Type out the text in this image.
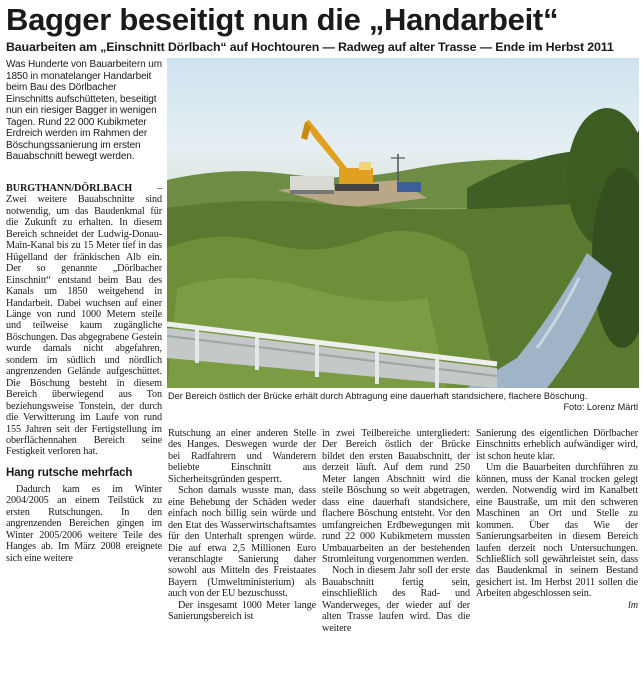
Bagger beseitigt nun die „Handarbeit“
Bauarbeiten am „Einschnitt Dörlbach“ auf Hochtouren — Radweg auf alter Trasse — Ende im Herbst 2011
Was Hunderte von Bauarbeitern um 1850 in monatelanger Handarbeit beim Bau des Dörlbacher Einschnitts aufschütteten, beseitigt nun ein riesiger Bagger in wenigen Tagen. Rund 22 000 Kubikmeter Erdreich werden im Rahmen der Böschungssanierung im ersten Bauabschnitt bewegt werden.
Der Bereich östlich der Brücke erhält durch Abtragung eine dauerhaft standsichere, flachere Böschung.
Foto: Lorenz Märtl

BURGTHANN/DÖRLBACH – Zwei weitere Bauabschnitte sind notwendig, um das Baudenkmal für die Zukunft zu erhalten. In diesem Bereich schneidet der Ludwig-Donau-Main-Kanal bis zu 15 Meter tief in das Hügelland der fränkischen Alb ein. Der so genannte „Dörlbacher Einschnitt“ entstand beim Bau des Kanals um 1850 weitgehend in Handarbeit. Dabei wuchsen auf einer Länge von rund 1000 Metern steile und teilweise kaum zugängliche Böschungen. Das abgegrabene Gestein wurde damals nicht abgefahren, sondern im südlich und nördlich angrenzenden Gelände aufgeschüttet. Die Böschung besteht in diesem Bereich überwiegend aus Ton beziehungsweise Tonstein, der durch die Verwitterung im Laufe von rund 155 Jahren seit der Fertigstellung im oberflächennahen Bereich seine Festigkeit verloren hat.

Hang rutsche mehrfach

Dadurch kam es im Winter 2004/2005 an einem Teilstück zu ersten Rutschungen. In den angrenzenden Bereichen gingen im Winter 2005/2006 weitere Teile des Hanges ab. Im März 2008 ereignete sich eine weitere

Rutschung an einer anderen Stelle des Hanges. Deswegen wurde der bei Radfahrern und Wanderern beliebte Einschnitt aus Sicherheitsgründen gesperrt.

Schon damals wusste man, dass eine Behebung der Schäden weder einfach noch billig sein würde und den Etat des Wasserwirtschaftsamtes für den Unterhalt sprengen würde. Die auf etwa 2,5 Millionen Euro veranschlagte Sanierung daher sowohl aus Mitteln des Freistaates Bayern (Umweltministerium) als auch von der EU bezuschusst.

Der insgesamt 1000 Meter lange Sanierungsbereich ist

in zwei Teilbereiche untergliedert: Der Bereich östlich der Brücke bildet den ersten Bauabschnitt, der derzeit läuft. Auf dem rund 250 Meter langen Abschnitt wird die steile Böschung so weit abgetragen, dass eine dauerhaft standsichere, flachere Böschung entsteht. Vor den umfangreichen Erdbewegungen mit rund 22 000 Kubikmetern mussten Umbauarbeiten an der bestehenden Stromleitung vorgenommen werden.

Noch in diesem Jahr soll der erste Bauabschnitt fertig sein, einschließlich des Rad- und Wanderweges, der wieder auf der alten Trasse laufen wird. Das die weitere

Sanierung des eigentlichen Dörlbacher Einschnitts erheblich aufwändiger wird, ist schon heute klar.

Um die Bauarbeiten durchführen zu können, muss der Kanal trocken gelegt werden. Notwendig wird im Kanalbett eine Baustraße, um mit den schweren Maschinen an Ort und Stelle zu kommen. Über das Wie der Sanierungsarbeiten in diesem Bereich laufen derzeit noch Untersuchungen. Schließlich soll gewährleistet sein, dass das Baudenkmal in seinem Bestand gesichert ist. Im Herbst 2011 sollen die Arbeiten abgeschlossen sein.

lm
